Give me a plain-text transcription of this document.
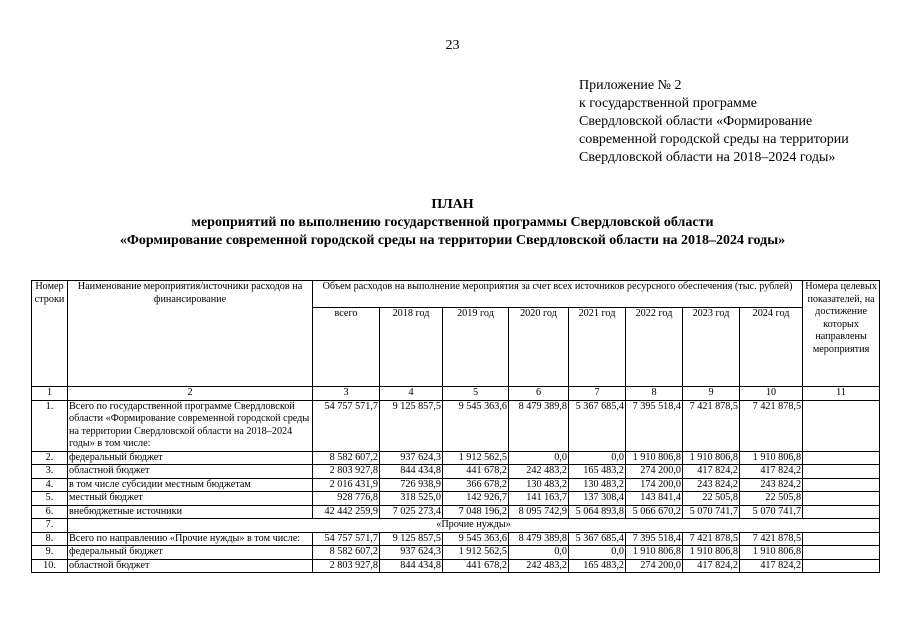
23
Приложение № 2
к государственной программе
Свердловской области «Формирование
современной городской среды на территории
Свердловской области на 2018–2024 годы»
ПЛАН
мероприятий по выполнению государственной программы Свердловской области
«Формирование современной городской среды на территории Свердловской области на 2018–2024 годы»
Номер строки	Наименование мероприятия/источники расходов на финансирование	Объем расходов на выполнение мероприятия за счет всех источников ресурсного обеспечения (тыс. рублей)								Номера целевых показателей, на достижение которых направлены мероприятия
		всего	2018 год	2019 год	2020 год	2021 год	2022 год	2023 год	2024 год	
1	2	3	4	5	6	7	8	9	10	11
1.	Всего по государственной программе Свердловской области «Формирование современной городской среды на территории Свердловской области на 2018–2024 годы» в том числе:	54 757 571,7	9 125 857,5	9 545 363,6	8 479 389,8	5 367 685,4	7 395 518,4	7 421 878,5	7 421 878,5	
2.	федеральный бюджет	8 582 607,2	937 624,3	1 912 562,5	0,0	0,0	1 910 806,8	1 910 806,8	1 910 806,8	
3.	областной бюджет	2 803 927,8	844 434,8	441 678,2	242 483,2	165 483,2	274 200,0	417 824,2	417 824,2	
4.	в том числе субсидии местным бюджетам	2 016 431,9	726 938,9	366 678,2	130 483,2	130 483,2	174 200,0	243 824,2	243 824,2	
5.	местный бюджет	928 776,8	318 525,0	142 926,7	141 163,7	137 308,4	143 841,4	22 505,8	22 505,8	
6.	внебюджетные источники	42 442 259,9	7 025 273,4	7 048 196,2	8 095 742,9	5 064 893,8	5 066 670,2	5 070 741,7	5 070 741,7	
7.	«Прочие нужды»									
8.	Всего по направлению «Прочие нужды» в том числе:	54 757 571,7	9 125 857,5	9 545 363,6	8 479 389,8	5 367 685,4	7 395 518,4	7 421 878,5	7 421 878,5	
9.	федеральный бюджет	8 582 607,2	937 624,3	1 912 562,5	0,0	0,0	1 910 806,8	1 910 806,8	1 910 806,8	
10.	областной бюджет	2 803 927,8	844 434,8	441 678,2	242 483,2	165 483,2	274 200,0	417 824,2	417 824,2	
